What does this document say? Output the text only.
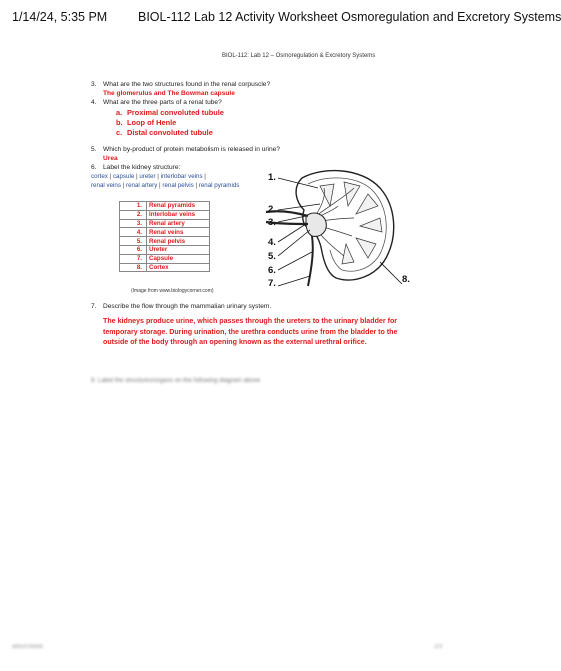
1/14/24, 5:35 PM BIOL-112 Lab 12 Activity Worksheet Osmoregulation and Excretory Systems
BIOL-112: Lab 12 – Osmoregulation & Excretory Systems
3. What are the two structures found in the renal corpuscle?
The glomerulus and The Bowman capsule
4. What are the three parts of a renal tube?
a. Proximal convoluted tubule
b. Loop of Henle
c. Distal convoluted tubule
5. Which by-product of protein metabolism is released in urine?
Urea
6. Label the kidney structure:
cortex | capsule | ureter | interlobar veins |
renal veins | renal artery | renal pelvis | renal pyramids
1.	Renal pyramids
2.	Interlobar veins
3.	Renal artery
4.	Renal veins
5.	Renal pelvis
6.	Ureter
7.	Capsule
8.	Cortex
(Image from www.biologycorner.com)
1.
2.
3.
4.
5.
6.
7.	8.
7. Describe the flow through the mammalian urinary system.
The kidneys produce urine, which passes through the ureters to the urinary bladder for temporary storage. During urination, the urethra conducts urine from the bladder to the outside of the body through an opening known as the external urethral orifice.
8. Label the structures/organs on the following diagram above
about:blank	2/3
